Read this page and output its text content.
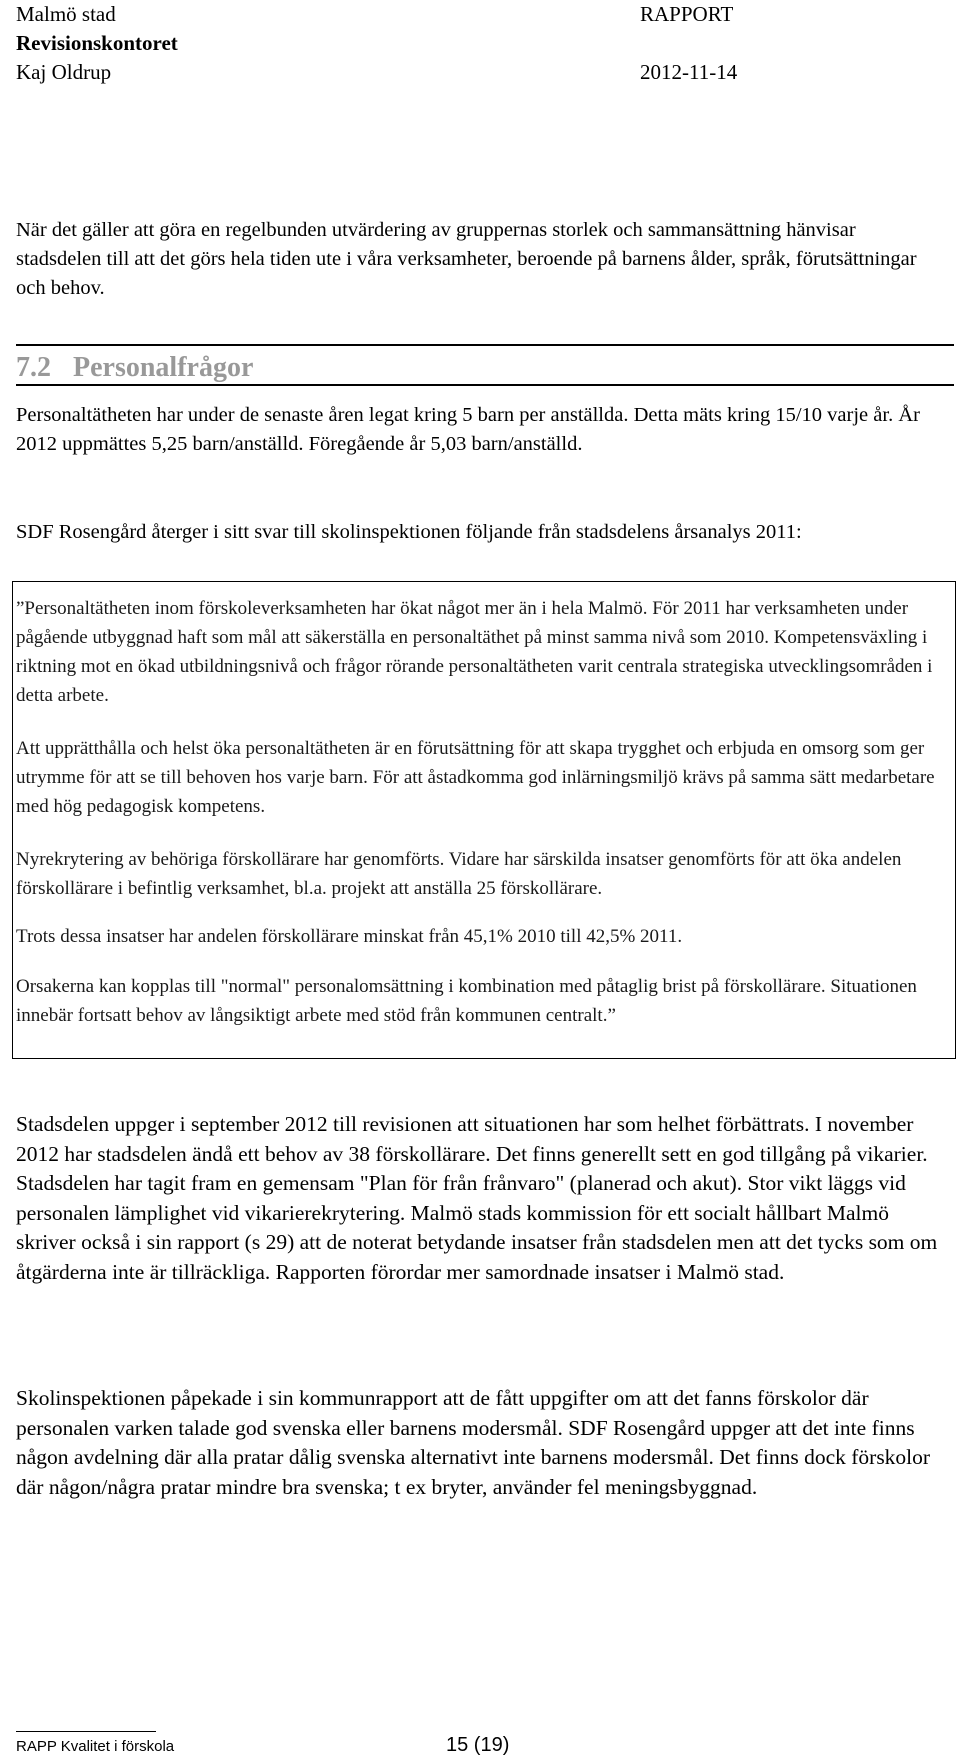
Malmö stad	RAPPORT
Revisionskontoret
Kaj Oldrup	2012-11-14

När det gäller att göra en regelbunden utvärdering av gruppernas storlek och sammansättning hänvisar stadsdelen till att det görs hela tiden ute i våra verksamheter, beroende på barnens ålder, språk, förutsättningar och behov.

7.2 Personalfrågor

Personaltätheten har under de senaste åren legat kring 5 barn per anställda. Detta mäts kring 15/10 varje år. År 2012 uppmättes 5,25 barn/anställd. Föregående år 5,03 barn/anställd.

SDF Rosengård återger i sitt svar till skolinspektionen följande från stadsdelens årsanalys 2011:

”Personaltätheten inom förskoleverksamheten har ökat något mer än i hela Malmö. För 2011 har verksamheten under pågående utbyggnad haft som mål att säkerställa en personaltäthet på minst samma nivå som 2010. Kompetensväxling i riktning mot en ökad utbildningsnivå och frågor rörande personaltätheten varit centrala strategiska utvecklingsområden i detta arbete.

Att upprätthålla och helst öka personaltätheten är en förutsättning för att skapa trygghet och erbjuda en omsorg som ger utrymme för att se till behoven hos varje barn. För att åstadkomma god inlärningsmiljö krävs på samma sätt medarbetare med hög pedagogisk kompetens.

Nyrekrytering av behöriga förskollärare har genomförts. Vidare har särskilda insatser genomförts för att öka andelen förskollärare i befintlig verksamhet, bl.a. projekt att anställa 25 förskollärare.

Trots dessa insatser har andelen förskollärare minskat från 45,1% 2010 till 42,5% 2011.

Orsakerna kan kopplas till "normal" personalomsättning i kombination med påtaglig brist på förskollärare. Situationen innebär fortsatt behov av långsiktigt arbete med stöd från kommunen centralt.”

Stadsdelen uppger i september 2012 till revisionen att situationen har som helhet förbättrats. I november 2012 har stadsdelen ändå ett behov av 38 förskollärare. Det finns generellt sett en god tillgång på vikarier. Stadsdelen har tagit fram en gemensam "Plan för från frånvaro" (planerad och akut). Stor vikt läggs vid personalen lämplighet vid vikarierekrytering. Malmö stads kommission för ett socialt hållbart Malmö skriver också i sin rapport (s 29) att de noterat betydande insatser från stadsdelen men att det tycks som om åtgärderna inte är tillräckliga. Rapporten förordar mer samordnade insatser i Malmö stad.

Skolinspektionen påpekade i sin kommunrapport att de fått uppgifter om att det fanns förskolor där personalen varken talade god svenska eller barnens modersmål. SDF Rosengård uppger att det inte finns någon avdelning där alla pratar dålig svenska alternativt inte barnens modersmål. Det finns dock förskolor där någon/några pratar mindre bra svenska; t ex bryter, använder fel meningsbyggnad.

RAPP Kvalitet i förskola	15 (19)
